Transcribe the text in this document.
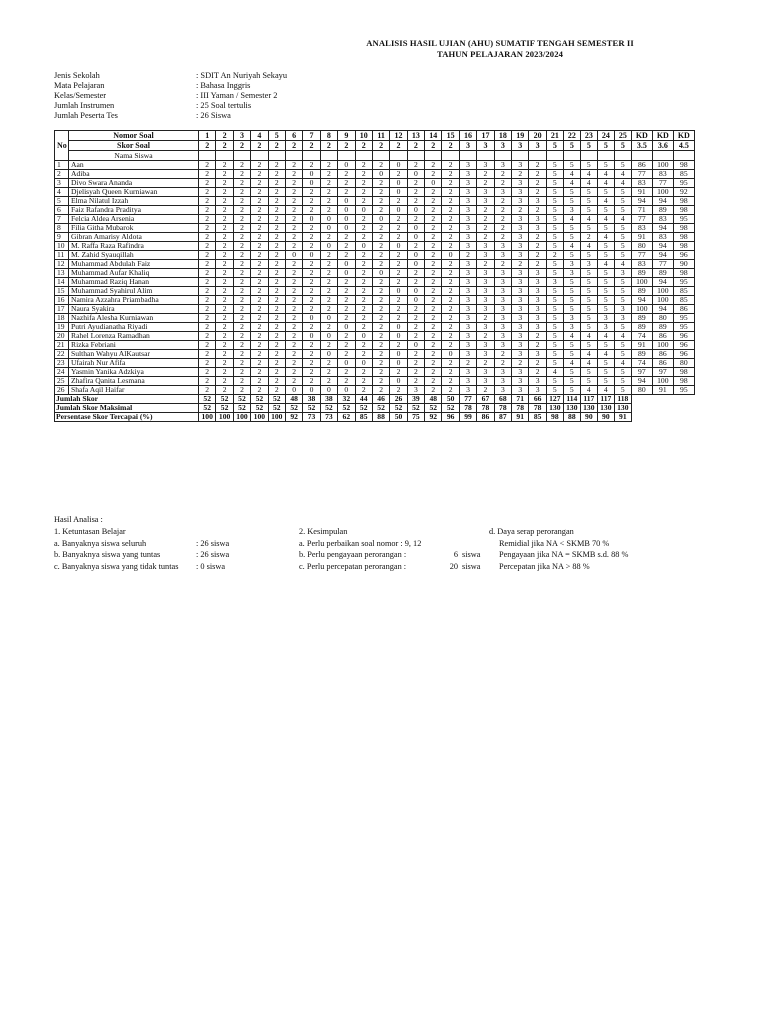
ANALISIS HASIL UJIAN (AHU) SUMATIF TENGAH SEMESTER II
TAHUN PELAJARAN 2023/2024
Jenis Sekolah	: SDIT An Nuriyah Sekayu
Mata Pelajaran	: Bahasa Inggris
Kelas/Semester	: III Yaman / Semester 2
Jumlah Instrumen	: 25 Soal tertulis
Jumlah Peserta Tes	: 26 Siswa
No	Nomor Soal	1	2	3	4	5	6	7	8	9	10	11	12	13	14	15	16	17	18	19	20	21	22	23	24	25	KD	KD	KD
	Skor Soal	2	2	2	2	2	2	2	2	2	2	2	2	2	2	2	3	3	3	3	3	5	5	5	5	5	3.5	3.6	4.5
	Nama Siswa																												
1	Aan	2	2	2	2	2	2	2	2	0	2	2	0	2	2	2	3	3	3	3	2	5	5	5	5	5	86	100	98
2	Adiba	2	2	2	2	2	2	0	2	2	2	0	2	0	2	2	3	2	2	2	2	5	4	4	4	4	77	83	85
3	Divo Swara Ananda	2	2	2	2	2	2	0	2	2	2	2	0	2	0	2	3	2	2	3	2	5	4	4	4	4	83	77	95
4	Djelisyah Queen Kurniawan	2	2	2	2	2	2	2	2	2	2	2	0	2	2	2	3	3	3	3	2	5	5	5	5	5	91	100	92
5	Elma Nilatul Izzah	2	2	2	2	2	2	2	2	0	2	2	2	2	2	2	3	3	2	3	3	5	5	5	4	5	94	94	98
6	Faiz Rafandra Praditya	2	2	2	2	2	2	2	2	0	0	2	0	0	2	2	3	2	2	2	2	5	3	5	5	5	71	89	98
7	Felcia Aldea Arsenia	2	2	2	2	2	2	0	0	0	2	0	2	2	2	2	3	2	2	3	3	5	4	4	4	4	77	83	95
8	Filia Githa Mubarok	2	2	2	2	2	2	2	0	0	2	2	2	0	2	2	3	2	2	3	3	5	5	5	5	5	83	94	98
9	Gibran Amarisy Aldota	2	2	2	2	2	2	2	2	2	2	2	2	0	2	2	3	2	2	3	2	5	5	2	4	5	91	83	98
10	M. Raffa Raza Rafindra	2	2	2	2	2	2	2	0	2	0	2	0	2	2	2	3	3	3	3	2	5	4	4	5	5	80	94	98
11	M. Zahid Syauqillah	2	2	2	2	2	0	0	2	2	2	2	2	0	2	0	2	3	3	3	2	2	5	5	5	5	77	94	96
12	Muhammad Abdulah Faiz	2	2	2	2	2	2	2	2	0	2	2	2	0	2	2	3	2	2	2	2	5	3	3	4	4	83	77	90
13	Muhammad Aufar Khaliq	2	2	2	2	2	2	2	2	0	2	0	2	2	2	2	3	3	3	3	3	5	3	5	5	3	89	89	98
14	Muhammad Raziq Hanan	2	2	2	2	2	2	2	2	2	2	2	2	2	2	2	3	3	3	3	3	3	5	5	5	5	100	94	95
15	Muhammad Syahirul Alim	2	2	2	2	2	2	2	2	2	2	2	0	0	2	2	3	3	3	3	3	5	5	5	5	5	89	100	85
16	Namira Azzahra Priambadha	2	2	2	2	2	2	2	2	2	2	2	2	0	2	2	3	3	3	3	3	5	5	5	5	5	94	100	85
17	Naura Syakira	2	2	2	2	2	2	2	2	2	2	2	2	2	2	2	3	3	3	3	3	5	5	5	5	3	100	94	86
18	Nazhifa Alesha Kurniawan	2	2	2	2	2	2	0	0	2	2	2	2	2	2	2	3	2	3	3	3	5	3	5	3	3	89	80	95
19	Putri Ayudianatha Riyadi	2	2	2	2	2	2	2	2	0	2	2	0	2	2	2	3	3	3	3	3	5	3	5	3	5	89	89	95
20	Rahel Lorenza Ramadhan	2	2	2	2	2	2	0	0	2	0	2	0	2	2	2	3	2	3	3	2	5	4	4	4	4	74	86	96
21	Rizka Febriani	2	2	2	2	2	2	2	2	2	2	2	2	0	2	2	3	3	3	3	2	5	5	5	5	5	91	100	96
22	Sulthan Wahyu AlKautsar	2	2	2	2	2	2	2	0	2	2	2	0	2	2	0	3	3	2	3	3	5	5	4	4	5	89	86	96
23	Ufairah Nur Afifa	2	2	2	2	2	2	2	2	0	0	2	0	2	2	2	2	2	2	2	2	5	4	4	5	4	74	86	80
24	Yasmin Yanika Adzkiya	2	2	2	2	2	2	2	2	2	2	2	2	2	2	2	3	3	3	3	2	4	5	5	5	5	97	97	98
25	Zhafira Qanita Lesmana	2	2	2	2	2	2	2	2	2	2	2	0	2	2	2	3	3	3	3	3	5	5	5	5	5	94	100	98
26	Shafa Aqil Haifar	2	2	2	2	2	0	0	0	0	2	2	2	3	2	2	3	2	3	3	3	5	5	4	4	5	80	91	95
Jumlah Skor		52	52	52	52	52	48	38	38	32	44	46	26	39	48	50	77	67	68	71	66	127	114	117	117	118			
Jumlah Skor Maksimal		52	52	52	52	52	52	52	52	52	52	52	52	52	52	52	78	78	78	78	78	130	130	130	130	130			
Persentase Skor Tercapai (%)		100	100	100	100	100	92	73	73	62	85	88	50	75	92	96	99	86	87	91	85	98	88	90	90	91			
Hasil Analisa :
1. Ketuntasan Belajar
a. Banyaknya siswa seluruh	: 26 siswa
b. Banyaknya siswa yang tuntas	: 26 siswa
c. Banyaknya siswa yang tidak tuntas	: 0 siswa
2. Kesimpulan
a. Perlu perbaikan soal nomor : 9, 12
b. Perlu pengayaan perorangan :	6 siswa
c. Perlu percepatan perorangan :	20 siswa
d. Daya serap perorangan
Remidial jika NA < SKMB 70 %
Pengayaan jika NA = SKMB s.d. 88 %
Percepatan jika NA > 88 %
